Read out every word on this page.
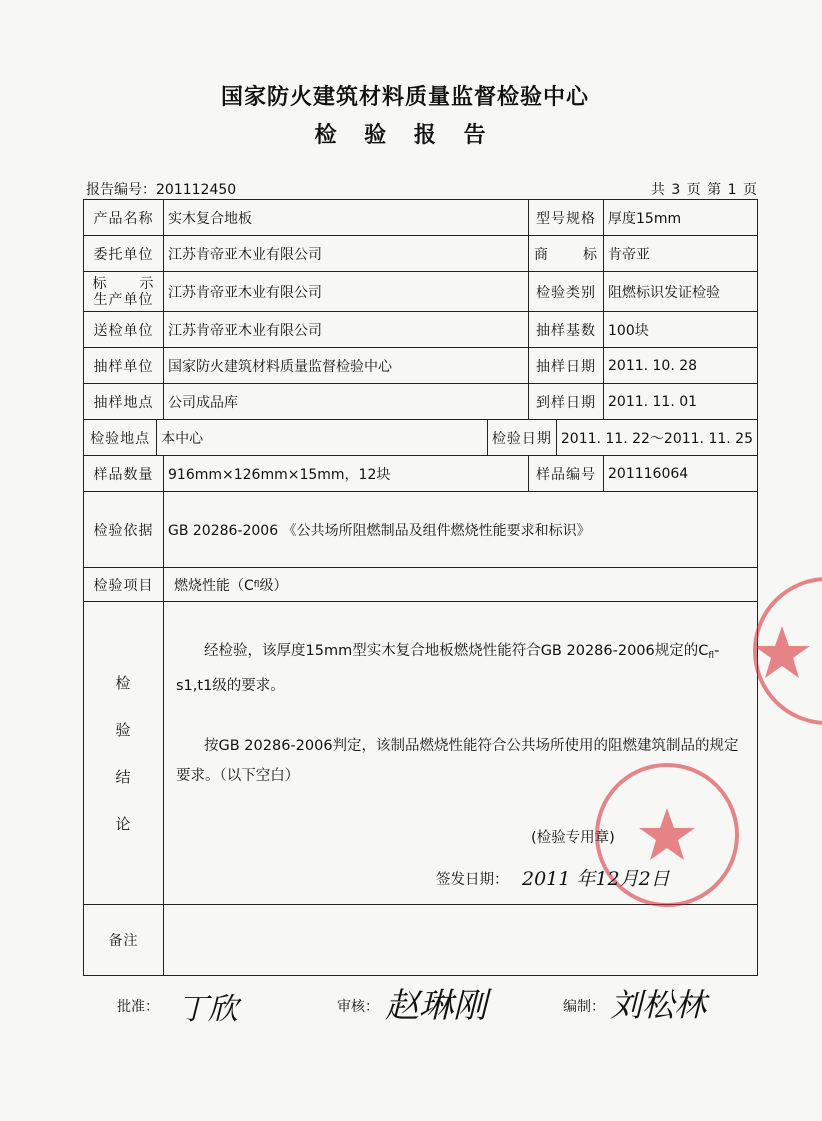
国家防火建筑材料质量监督检验中心
检 验 报 告
报告编号：201112450	共 3 页 第 1 页
产品名称	实木复合地板	型号规格 厚度15mm
委托单位	江苏肯帝亚木业有限公司	商 标 肯帝亚
标 示
生产单位 江苏肯帝亚木业有限公司	检验类别 阻燃标识发证检验
送检单位	江苏肯帝亚木业有限公司	抽样基数 100块
抽样单位	国家防火建筑材料质量监督检验中心	抽样日期 2011. 10. 28
抽样地点	公司成品库	到样日期 2011. 11. 01
检验地点 本中心	检验日期 2011. 11. 22～2011. 11. 25
样品数量	916mm×126mm×15mm，12块	样品编号 201116064
检验依据	GB 20286-2006 《公共场所阻燃制品及组件燃烧性能要求和标识》
检验项目	燃烧性能（C fl 级）
检
验
结
论
经检验，该厚度15mm型实木复合地板燃烧性能符合GB 20286-2006规定的$C_{fl}-s1,t1$级的要求。
按GB 20286-2006判定，该制品燃烧性能符合公共场所使用的阻燃建筑制品的规定要求。（以下空白）
(检验专用章)
签发日期： 2011 年12月2日
备注
批准： 丁欣	审核： 赵琳刚	编制： 刘松林
